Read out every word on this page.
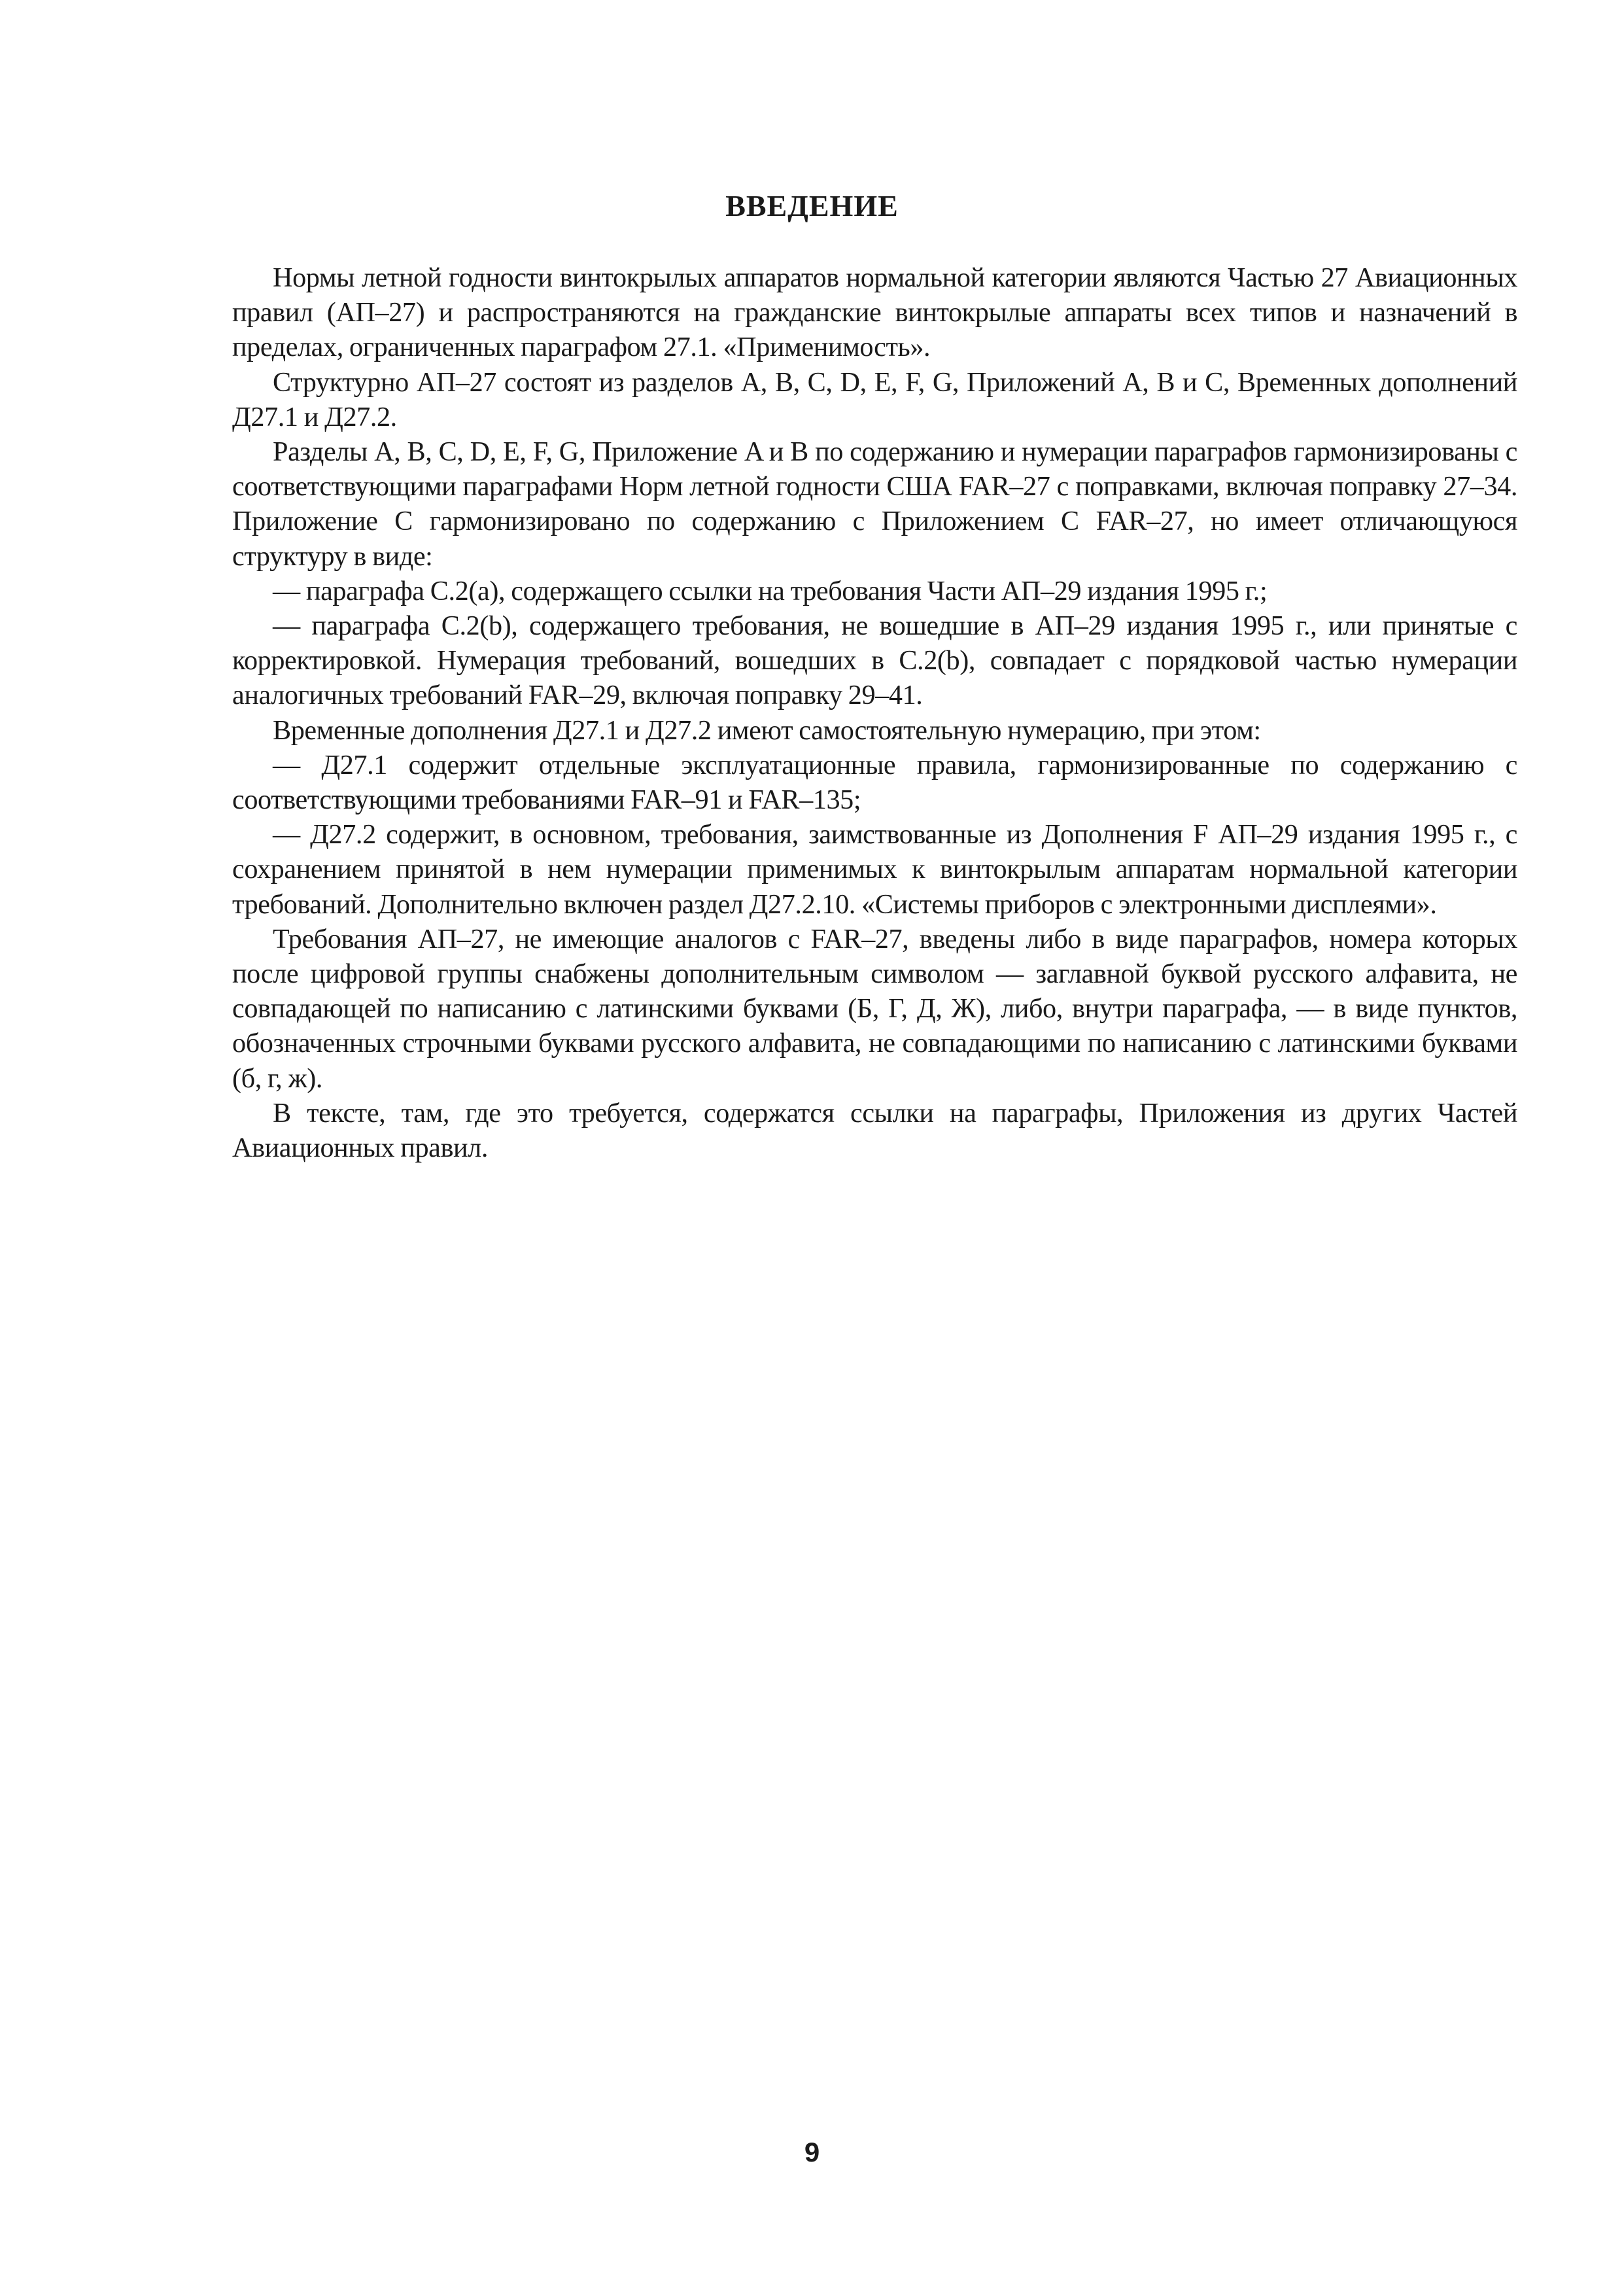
ВВЕДЕНИЕ

Нормы летной годности винтокрылых аппаратов нормальной категории являются Частью 27 Авиационных правил (АП–27) и распространяются на гражданские винтокрылые аппараты всех типов и назначений в пределах, ограниченных параграфом 27.1. «Применимость».

Структурно АП–27 состоят из разделов A, B, C, D, E, F, G, Приложений A, B и C, Временных дополнений Д27.1 и Д27.2.

Разделы A, B, C, D, E, F, G, Приложение A и B по содержанию и нумерации параграфов гармонизированы с соответствующими параграфами Норм летной годности США FAR–27 с поправками, включая поправку 27–34. Приложение C гармонизировано по содержанию с Приложением C FAR–27, но имеет отличающуюся структуру в виде:

— параграфа C.2(a), содержащего ссылки на требования Части АП–29 издания 1995 г.;

— параграфа C.2(b), содержащего требования, не вошедшие в АП–29 издания 1995 г., или принятые с корректировкой. Нумерация требований, вошедших в C.2(b), совпадает с порядковой частью нумерации аналогичных требований FAR–29, включая поправку 29–41.

Временные дополнения Д27.1 и Д27.2 имеют самостоятельную нумерацию, при этом:

— Д27.1 содержит отдельные эксплуатационные правила, гармонизированные по содержанию с соответствующими требованиями FAR–91 и FAR–135;

— Д27.2 содержит, в основном, требования, заимствованные из Дополнения F АП–29 издания 1995 г., с сохранением принятой в нем нумерации применимых к винтокрылым аппаратам нормальной категории требований. Дополнительно включен раздел Д27.2.10. «Системы приборов с электронными дисплеями».

Требования АП–27, не имеющие аналогов с FAR–27, введены либо в виде параграфов, номера которых после цифровой группы снабжены дополнительным символом — заглавной буквой русского алфавита, не совпадающей по написанию с латинскими буквами (Б, Г, Д, Ж), либо, внутри параграфа, — в виде пунктов, обозначенных строчными буквами русского алфавита, не совпадающими по написанию с латинскими буквами (б, г, ж).

В тексте, там, где это требуется, содержатся ссылки на параграфы, Приложения из других Частей Авиационных правил.

9
